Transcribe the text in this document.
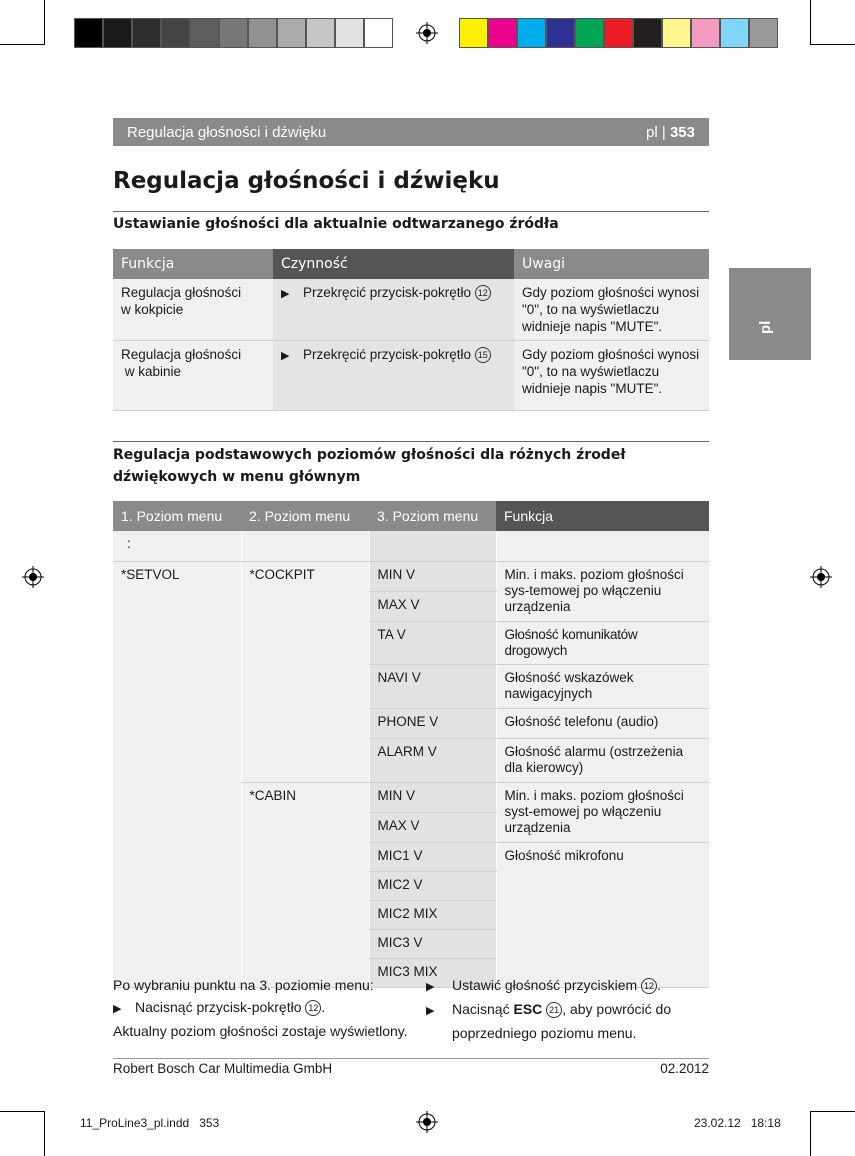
Regulacja głośności i dźwięku	pl | 353
pl
Regulacja głośności i dźwięku
Ustawianie głośności dla aktualnie odtwarzanego źródła
Funkcja	Czynność	Uwagi
Regulacja głośności
w kokpicie	▶ Przekręcić przycisk-pokrętło 12	Gdy poziom głośności wynosi "0", to na wyświetlaczu widnieje napis "MUTE".
Regulacja głośności
w kabinie	▶ Przekręcić przycisk-pokrętło 15	Gdy poziom głośności wynosi "0", to na wyświetlaczu widnieje napis "MUTE".
Regulacja podstawowych poziomów głośności dla różnych źrodeł dźwiękowych w menu głównym
1. Poziom menu	2. Poziom menu	3. Poziom menu	Funkcja
:			
*SETVOL	*COCKPIT	MIN V	Min. i maks. poziom głośności sys-temowej po włączeniu urządzenia
		MAX V	
		TA V	Głośność komunikatów drogowych
		NAVI V	Głośność wskazówek nawigacyjnych
		PHONE V	Głośność telefonu (audio)
		ALARM V	Głośność alarmu (ostrzeżenia dla kierowcy)
	*CABIN	MIN V	Min. i maks. poziom głośności syst-emowej po włączeniu urządzenia
		MAX V	
		MIC1 V	Głośność mikrofonu
		MIC2 V	
		MIC2 MIX	
		MIC3 V	
		MIC3 MIX	
Po wybraniu punktu na 3. poziomie menu:
▶ Nacisnąć przycisk-pokrętło 12 .
Aktualny poziom głośności zostaje wyświetlony.
▶ Ustawić głośność przyciskiem 12 .
▶ Nacisnąć ESC 21 , aby powrócić do
poprzedniego poziomu menu.
Robert Bosch Car Multimedia GmbH	02.2012
11_ProLine3_pl.indd   353	23.02.12   18:18
